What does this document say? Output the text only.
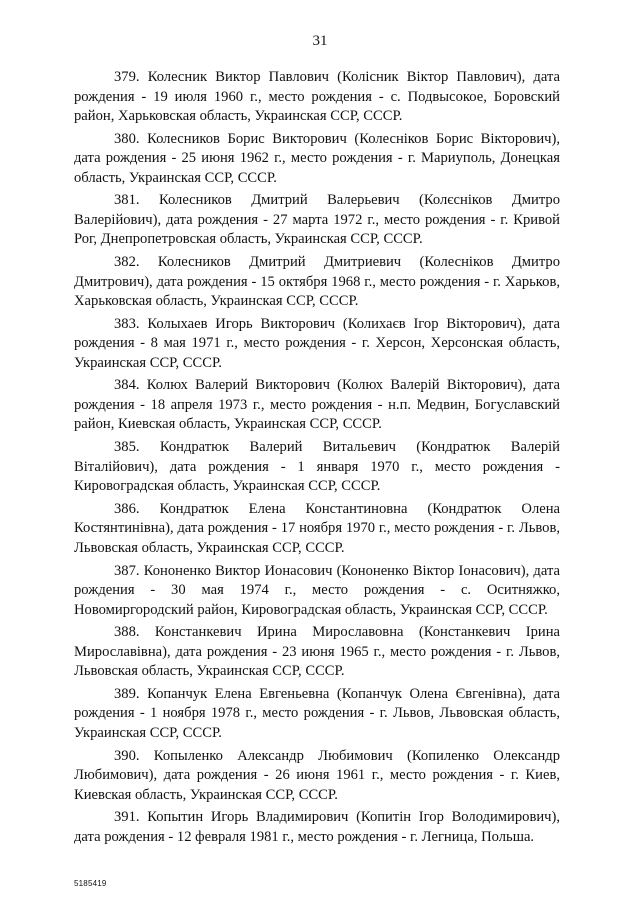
31

379. Колесник Виктор Павлович (Колісник Віктор Павлович), дата рождения - 19 июля 1960 г., место рождения - с. Подвысокое, Боровский район, Харьковская область, Украинская ССР, СССР.

380. Колесников Борис Викторович (Колесніков Борис Вікторович), дата рождения - 25 июня 1962 г., место рождения - г. Мариуполь, Донецкая область, Украинская ССР, СССР.

381. Колесников Дмитрий Валерьевич (Колєсніков Дмитро Валерійович), дата рождения - 27 марта 1972 г., место рождения - г. Кривой Рог, Днепропетровская область, Украинская ССР, СССР.

382. Колесников Дмитрий Дмитриевич (Колесніков Дмитро Дмитрович), дата рождения - 15 октября 1968 г., место рождения - г. Харьков, Харьковская область, Украинская ССР, СССР.

383. Колыхаев Игорь Викторович (Колихаєв Ігор Вікторович), дата рождения - 8 мая 1971 г., место рождения - г. Херсон, Херсонская область, Украинская ССР, СССР.

384. Колюх Валерий Викторович (Колюх Валерій Вікторович), дата рождения - 18 апреля 1973 г., место рождения - н.п. Медвин, Богуславский район, Киевская область, Украинская ССР, СССР.

385. Кондратюк Валерий Витальевич (Кондратюк Валерій Віталійович), дата рождения - 1 января 1970 г., место рождения - Кировоградская область, Украинская ССР, СССР.

386. Кондратюк Елена Константиновна (Кондратюк Олена Костянтинівна), дата рождения - 17 ноября 1970 г., место рождения - г. Львов, Львовская область, Украинская ССР, СССР.

387. Кононенко Виктор Ионасович (Кононенко Віктор Іонасович), дата рождения - 30 мая 1974 г., место рождения - с. Оситняжко, Новомиргородский район, Кировоградская область, Украинская ССР, СССР.

388. Констанкевич Ирина Мирославовна (Констанкевич Ірина Мирославівна), дата рождения - 23 июня 1965 г., место рождения - г. Львов, Львовская область, Украинская ССР, СССР.

389. Копанчук Елена Евгеньевна (Копанчук Олена Євгенівна), дата рождения - 1 ноября 1978 г., место рождения - г. Львов, Львовская область, Украинская ССР, СССР.

390. Копыленко Александр Любимович (Копиленко Олександр Любимович), дата рождения - 26 июня 1961 г., место рождения - г. Киев, Киевская область, Украинская ССР, СССР.

391. Копытин Игорь Владимирович (Копитін Ігор Володимирович), дата рождения - 12 февраля 1981 г., место рождения - г. Легница, Польша.

5185419
